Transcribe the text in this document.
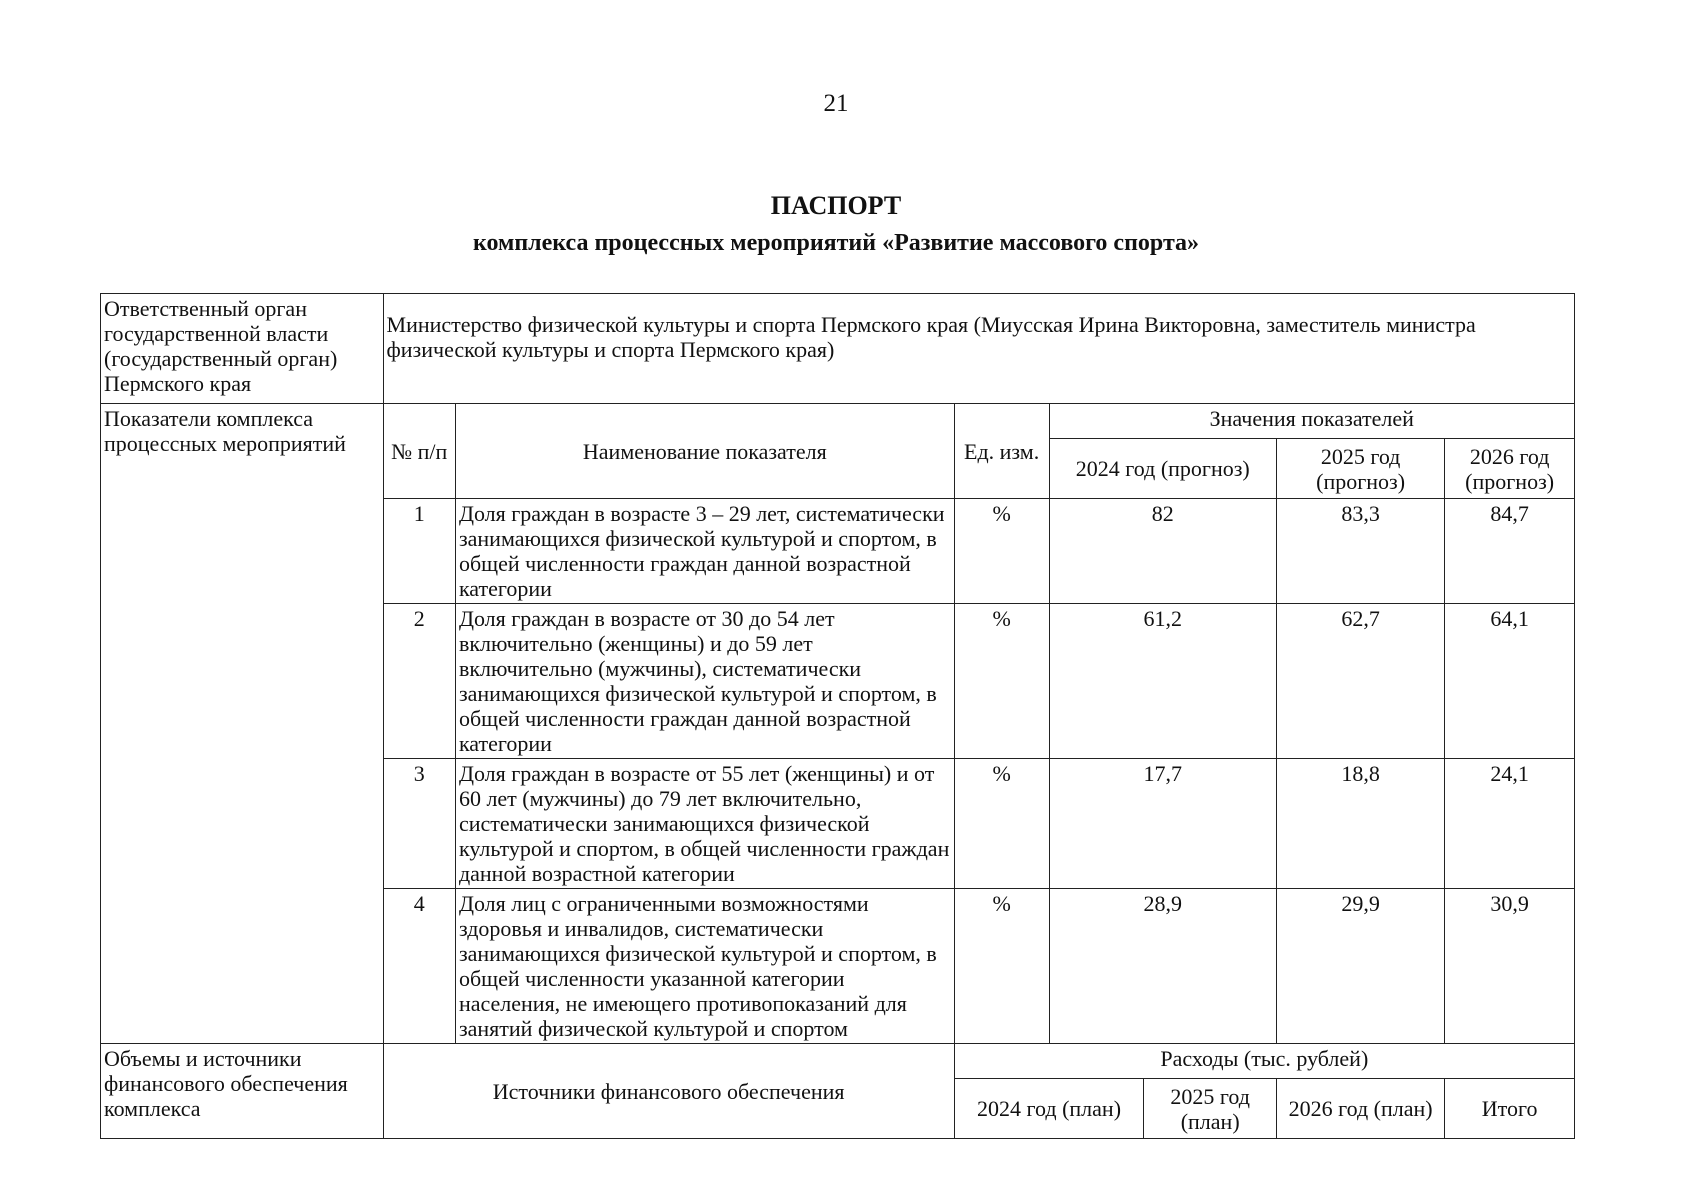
21
ПАСПОРТ
комплекса процессных мероприятий «Развитие массового спорта»
Ответственный орган государственной власти (государственный орган) Пермского края	Министерство физической культуры и спорта Пермского края (Миусская Ирина Викторовна, заместитель министра физической культуры и спорта Пермского края)						
Показатели комплекса процессных мероприятий	№ п/п	Наименование показателя	Ед. изм.	Значения показателей			
				2024 год (прогноз)		2025 год (прогноз)	2026 год (прогноз)
	1	Доля граждан в возрасте 3 – 29 лет, систематически занимающихся физической культурой и спортом, в общей численности граждан данной возрастной категории	%	82		83,3	84,7
	2	Доля граждан в возрасте от 30 до 54 лет включительно (женщины) и до 59 лет включительно (мужчины), систематически занимающихся физической культурой и спортом, в общей численности граждан данной возрастной категории	%	61,2		62,7	64,1
	3	Доля граждан в возрасте от 55 лет (женщины) и от 60 лет (мужчины) до 79 лет включительно, систематически занимающихся физической культурой и спортом, в общей численности граждан данной возрастной категории	%	17,7		18,8	24,1
	4	Доля лиц с ограниченными возможностями здоровья и инвалидов, систематически занимающихся физической культурой и спортом, в общей численности указанной категории населения, не имеющего противопоказаний для занятий физической культурой и спортом	%	28,9		29,9	30,9
Объемы и источники финансового обеспечения комплекса	Источники финансового обеспечения		Расходы (тыс. рублей)				
			2024 год (план)		2025 год (план)	2026 год (план)	Итого
